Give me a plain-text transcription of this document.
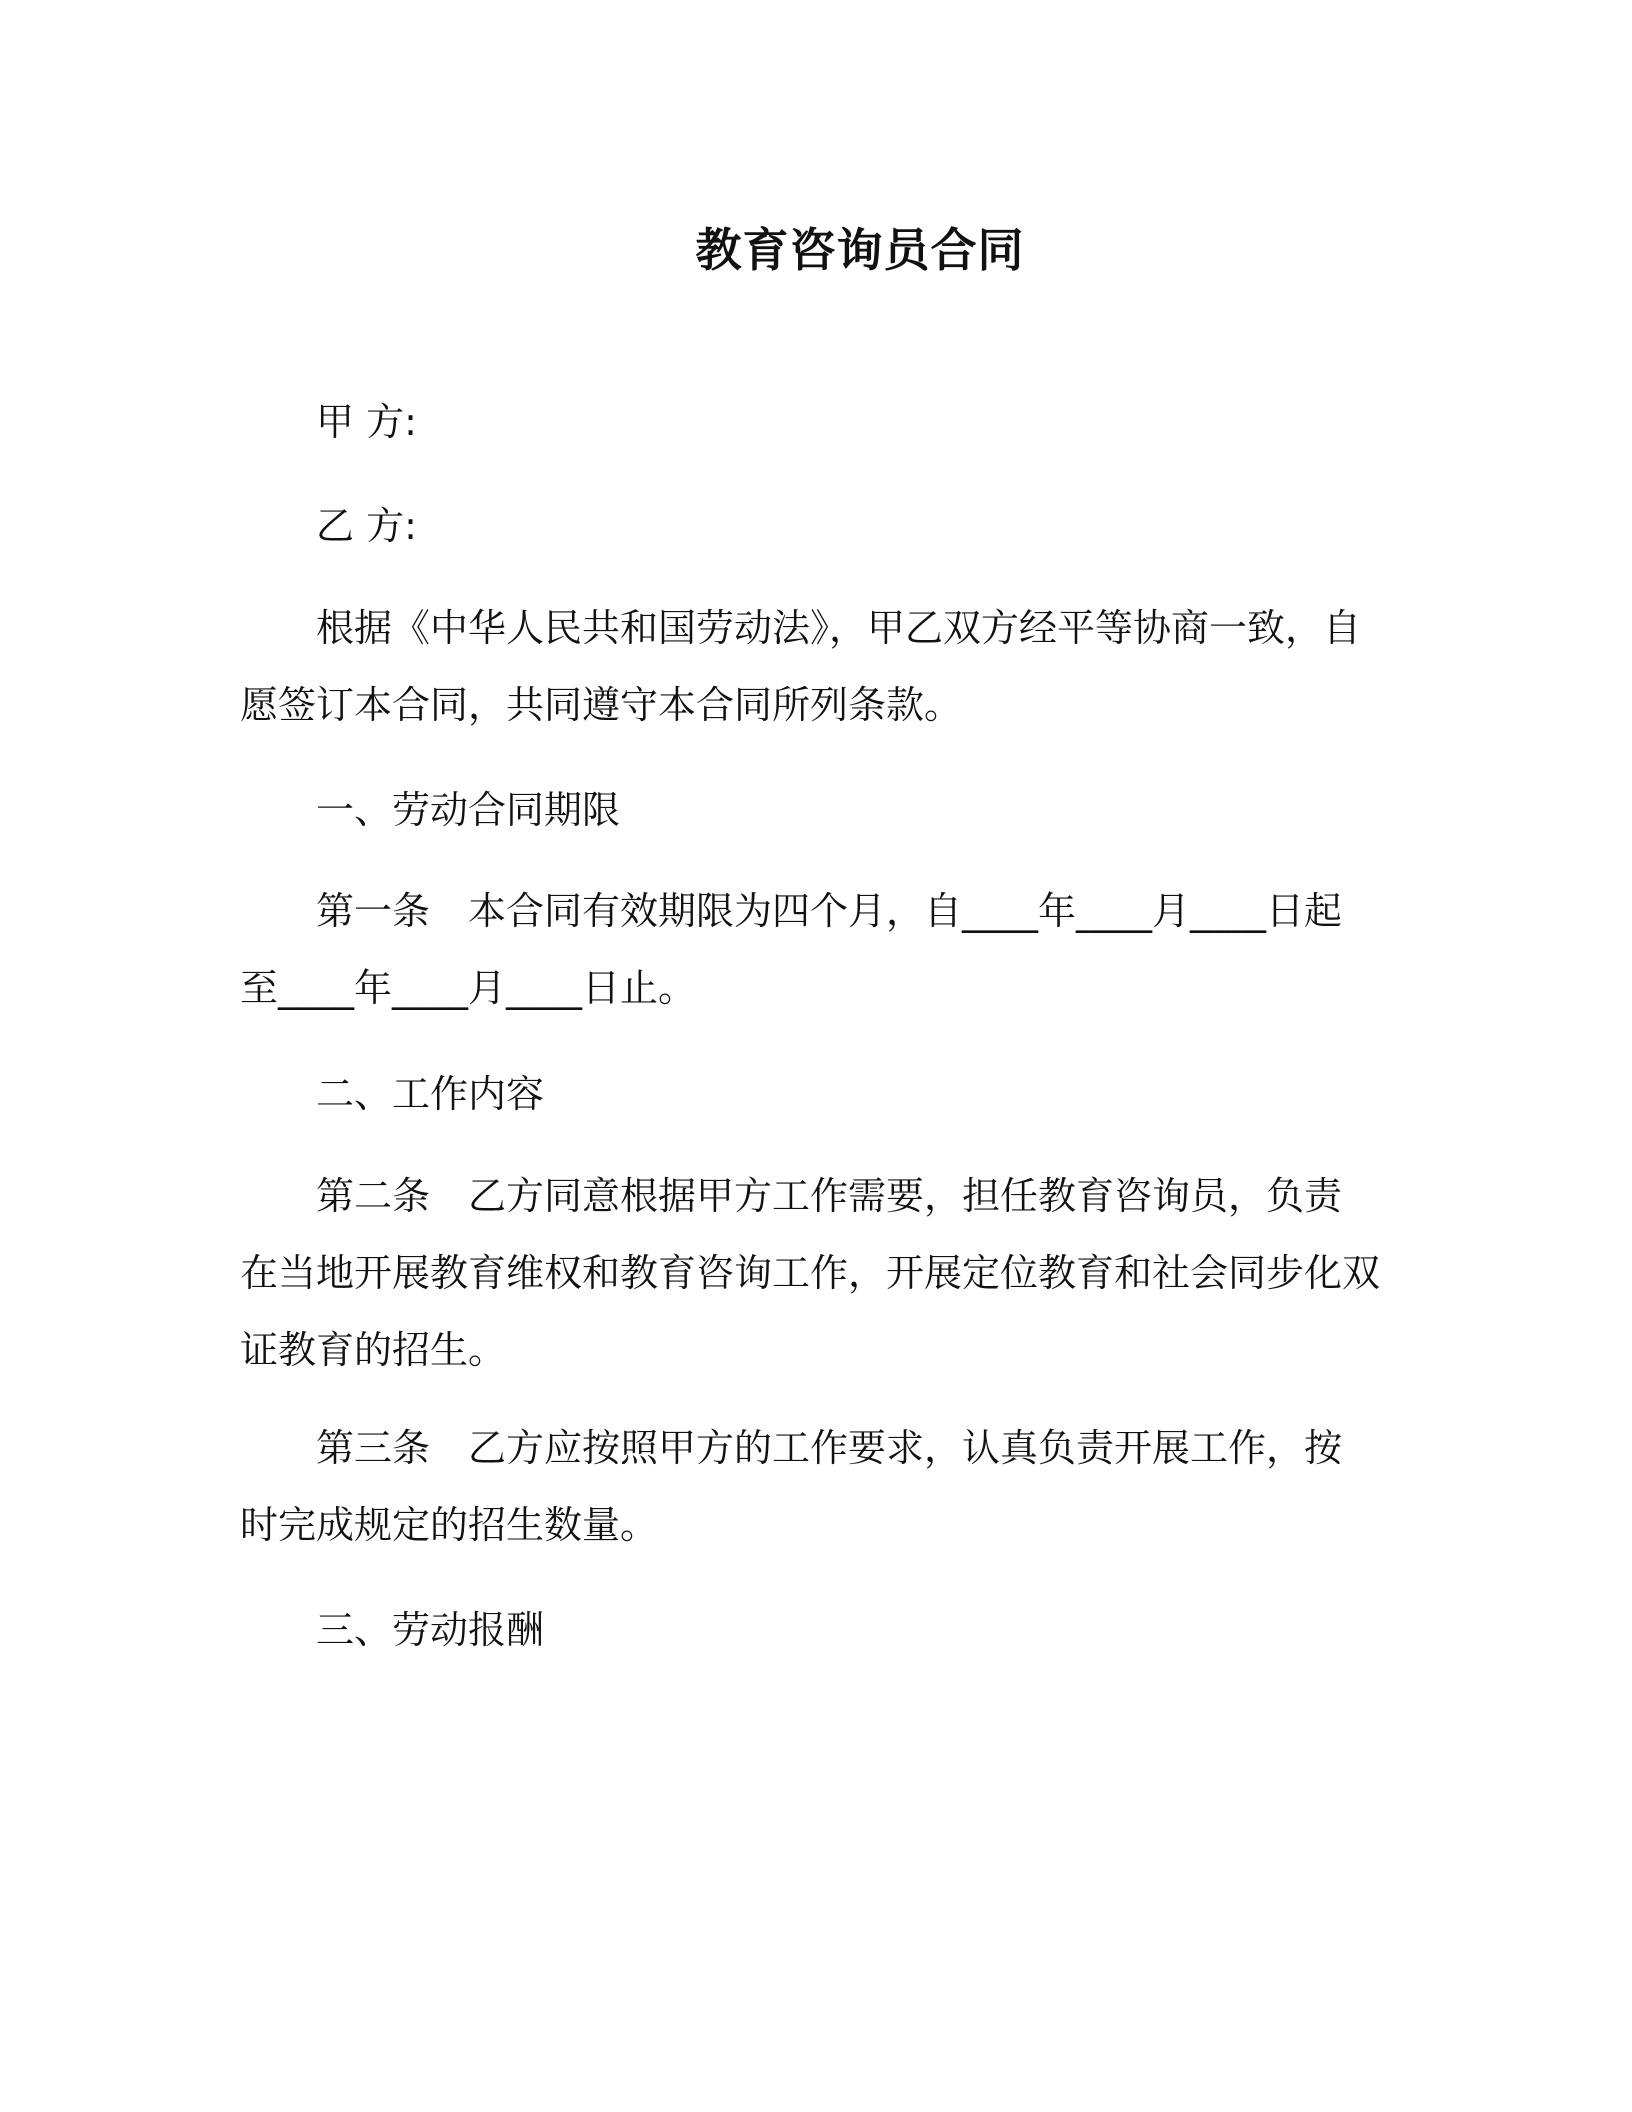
教育咨询员合同
甲 方:
乙 方:
根据《中华人民共和国劳动法》，甲乙双方经平等协商一致，自愿签订本合同，共同遵守本合同所列条款。
一、劳动合同期限
第一条 本合同有效期限为四个月，自____年____月____日起至____年____月____日止。
二、工作内容
第二条 乙方同意根据甲方工作需要，担任教育咨询员，负责在当地开展教育维权和教育咨询工作，开展定位教育和社会同步化双证教育的招生。
第三条 乙方应按照甲方的工作要求，认真负责开展工作，按时完成规定的招生数量。
三、劳动报酬
